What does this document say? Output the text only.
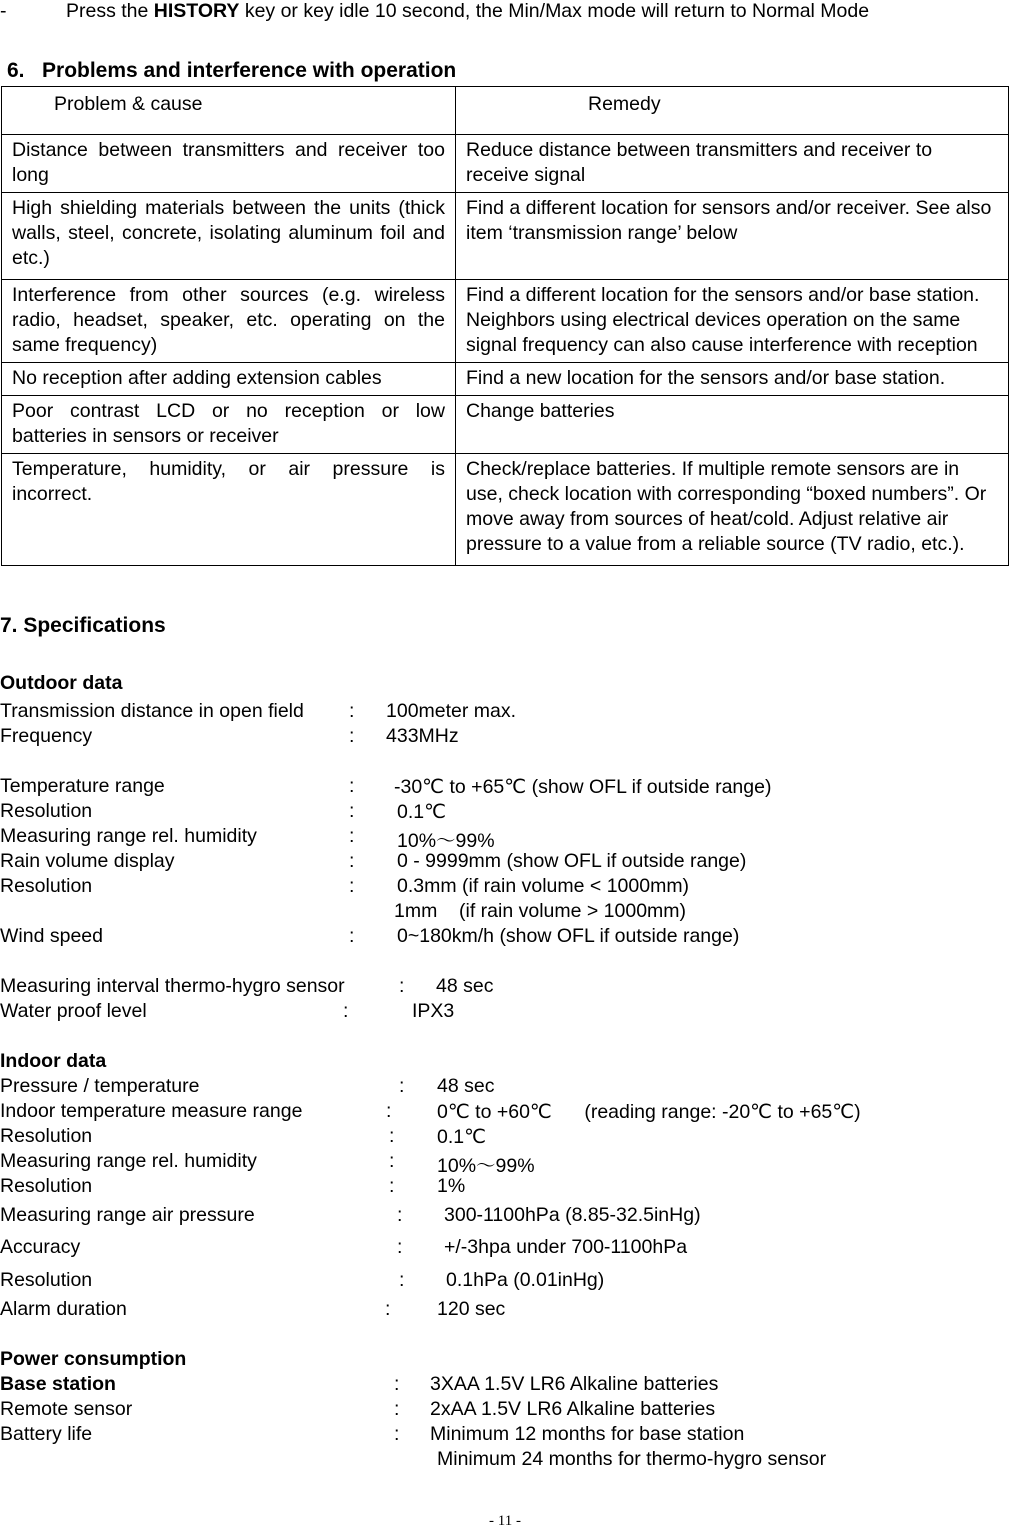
-	Press the HISTORY key or key idle 10 second, the Min/Max mode will return to Normal Mode
6.   Problems and interference with operation
Problem & cause	Remedy
Distance between transmitters and receiver too long	Reduce distance between transmitters and receiver to receive signal
High shielding materials between the units (thick walls, steel, concrete, isolating aluminum foil and etc.)	Find a different location for sensors and/or receiver. See also item ‘transmission range’ below
Interference from other sources (e.g. wireless radio, headset, speaker, etc. operating on the same frequency)	Find a different location for the sensors and/or base station. Neighbors using electrical devices operation on the same signal frequency can also cause interference with reception
No reception after adding extension cables	Find a new location for the sensors and/or base station.
Poor contrast LCD or no reception or low batteries in sensors or receiver	Change batteries
Temperature, humidity, or air pressure is incorrect.	Check/replace batteries. If multiple remote sensors are in use, check location with corresponding “boxed numbers”. Or move away from sources of heat/cold. Adjust relative air pressure to a value from a reliable source (TV radio, etc.).
7. Specifications
Outdoor data
Transmission distance in open field : 100meter max.
Frequency	: 433MHz
Temperature range	: -30℃ to +65℃ (show OFL if outside range)
Resolution	: 0.1℃
Measuring range rel. humidity	: 10%～99%
Rain volume display	: 0 - 9999mm (show OFL if outside range)
Resolution	: 0.3mm (if rain volume < 1000mm)
1mm    (if rain volume > 1000mm)
Wind speed	: 0~180km/h (show OFL if outside range)
Measuring interval thermo-hygro sensor	: 48 sec
Water proof level	:	IPX3
Indoor data
Pressure / temperature	: 48 sec
Indoor temperature measure range	: 0℃ to +60℃      (reading range: -20℃ to +65℃)
Resolution	: 0.1℃
Measuring range rel. humidity	: 10%～99%
Resolution	: 1%
Measuring range air pressure	: 300-1100hPa (8.85-32.5inHg)
Accuracy	: +/-3hpa under 700-1100hPa
Resolution	: 0.1hPa (0.01inHg)
Alarm duration	: 120 sec
Power consumption
Base station	: 3XAA 1.5V LR6 Alkaline batteries
Remote sensor	: 2xAA 1.5V LR6 Alkaline batteries
Battery life	: Minimum 12 months for base station
Minimum 24 months for thermo-hygro sensor
- 11 -
